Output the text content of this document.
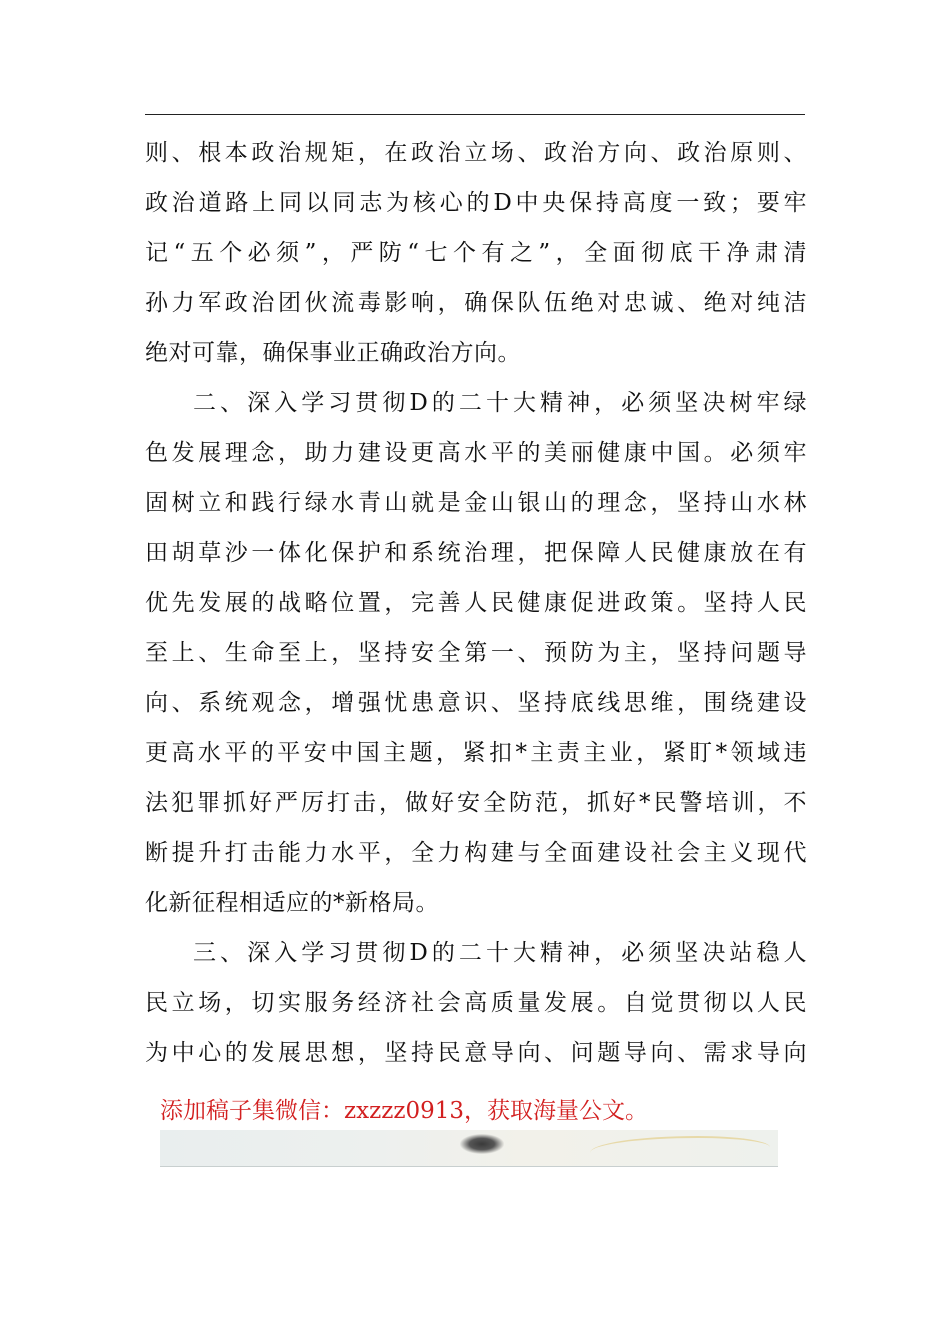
则、根本政治规矩，在政治立场、政治方向、政治原则、
政治道路上同以同志为核心的D中央保持高度一致；要牢
记“五个必须”，严防“七个有之”，全面彻底干净肃清
孙力军政治团伙流毒影响，确保队伍绝对忠诚、绝对纯洁
绝对可靠，确保事业正确政治方向。
二、深入学习贯彻D的二十大精神，必须坚决树牢绿
色发展理念，助力建设更高水平的美丽健康中国。必须牢
固树立和践行绿水青山就是金山银山的理念，坚持山水林
田胡草沙一体化保护和系统治理，把保障人民健康放在有
优先发展的战略位置，完善人民健康促进政策。坚持人民
至上、生命至上，坚持安全第一、预防为主，坚持问题导
向、系统观念，增强忧患意识、坚持底线思维，围绕建设
更高水平的平安中国主题，紧扣*主责主业，紧盯*领域违
法犯罪抓好严厉打击，做好安全防范，抓好*民警培训，不
断提升打击能力水平，全力构建与全面建设社会主义现代
化新征程相适应的*新格局。
三、深入学习贯彻D的二十大精神，必须坚决站稳人
民立场，切实服务经济社会高质量发展。自觉贯彻以人民
为中心的发展思想，坚持民意导向、问题导向、需求导向
添加稿子集微信：zxzzz0913，获取海量公文。
